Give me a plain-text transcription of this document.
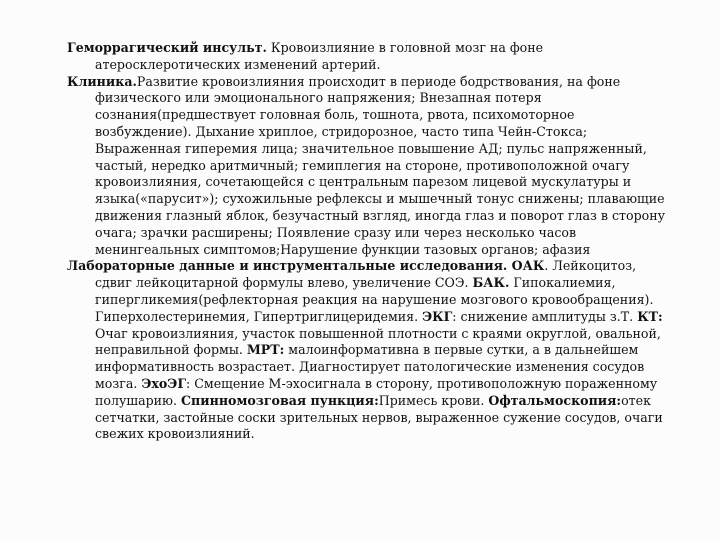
Геморрагический инсульт. Кровоизлияние в головной мозг на фоне атеросклеротических изменений артерий.

Клиника.Развитие кровоизлияния происходит в периоде бодрствования, на фоне физического или эмоционального напряжения; Внезапная потеря сознания(предшествует головная боль, тошнота, рвота, психомоторное возбуждение). Дыхание хриплое, стридорозное, часто типа Чейн-Стокса; Выраженная гиперемия лица; значительное повышение АД; пульс напряженный, частый, нередко аритмичный; гемиплегия на стороне, противоположной очагу кровоизлияния, сочетающейся с центральным парезом лицевой мускулатуры и языка(«парусит»); сухожильные рефлексы и мышечный тонус снижены; плавающие движения глазный яблок, безучастный взгляд, иногда глаз и поворот глаз в сторону очага; зрачки расширены; Появление сразу или через несколько часов менингеальных симптомов;Нарушение функции тазовых органов; афазия

Лабораторные данные и инструментальные исследования. ОАК. Лейкоцитоз, сдвиг лейкоцитарной формулы влево, увеличение СОЭ. БАК. Гипокалиемия, гипергликемия(рефлекторная реакция на нарушение мозгового кровообращения). Гиперхолестеринемия, Гипертриглицеридемия. ЭКГ: снижение амплитуды з.Т. КТ: Очаг кровоизлияния, участок повышенной плотности с краями округлой, овальной, неправильной формы. МРТ: малоинформативна в первые сутки, а в дальнейшем информативность возрастает. Диагностирует патологические изменения сосудов мозга. ЭхоЭГ: Смещение М-эхосигнала в сторону, противоположную пораженному полушарию. Спинномозговая пункция:Примесь крови. Офтальмоскопия:отек сетчатки, застойные соски зрительных нервов, выраженное сужение сосудов, очаги свежих кровоизлияний.
